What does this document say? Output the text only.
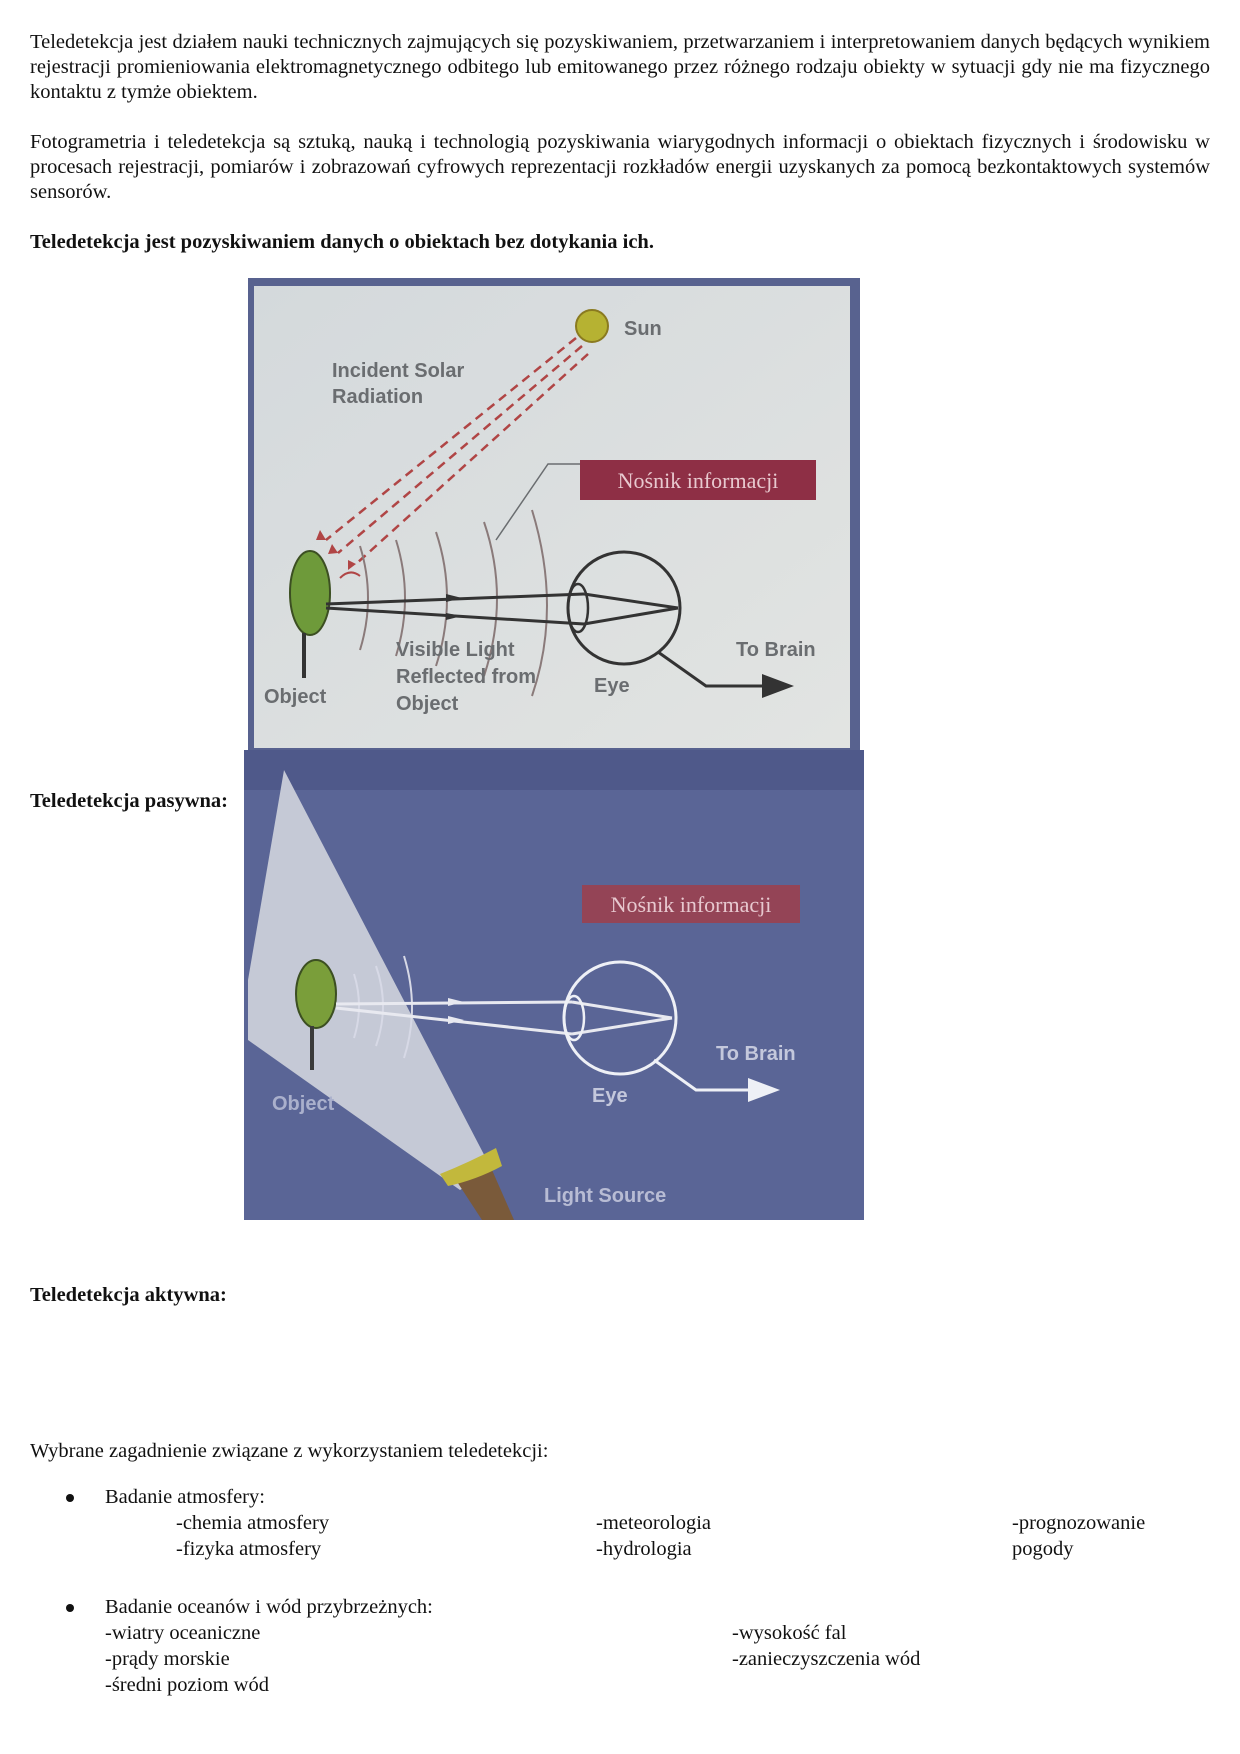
Teledetekcja jest działem nauki technicznych zajmujących się pozyskiwaniem, przetwarzaniem i interpretowaniem danych będących wynikiem rejestracji promieniowania elektromagnetycznego odbitego lub emitowanego przez różnego rodzaju obiekty w sytuacji gdy nie ma fizycznego kontaktu z tymże obiektem.

Fotogrametria i teledetekcja są sztuką, nauką i technologią pozyskiwania wiarygodnych informacji o obiektach fizycznych i środowisku w procesach rejestracji, pomiarów i zobrazowań cyfrowych reprezentacji rozkładów energii uzyskanych za pomocą bezkontaktowych systemów sensorów.

Teledetekcja jest pozyskiwaniem danych o obiektach bez dotykania ich.
Teledetekcja pasywna:
Sun
Incident Solar
Radiation
Nośnik informacji
Object	Eye
To Brain
Visible Light
Reflected from
Object
Teledetekcja aktywna:
Nośnik informacji
Object	Eye
To Brain
Light Source
Wybrane zagadnienie związane z wykorzystaniem teledetekcji:
Badanie atmosfery:
-chemia atmosfery
-fizyka atmosfery
-meteorologia
-hydrologia
-prognozowanie
pogody
Badanie oceanów i wód przybrzeżnych:
-wiatry oceaniczne
-prądy morskie
-średni poziom wód
-wysokość fal
-zanieczyszczenia wód
